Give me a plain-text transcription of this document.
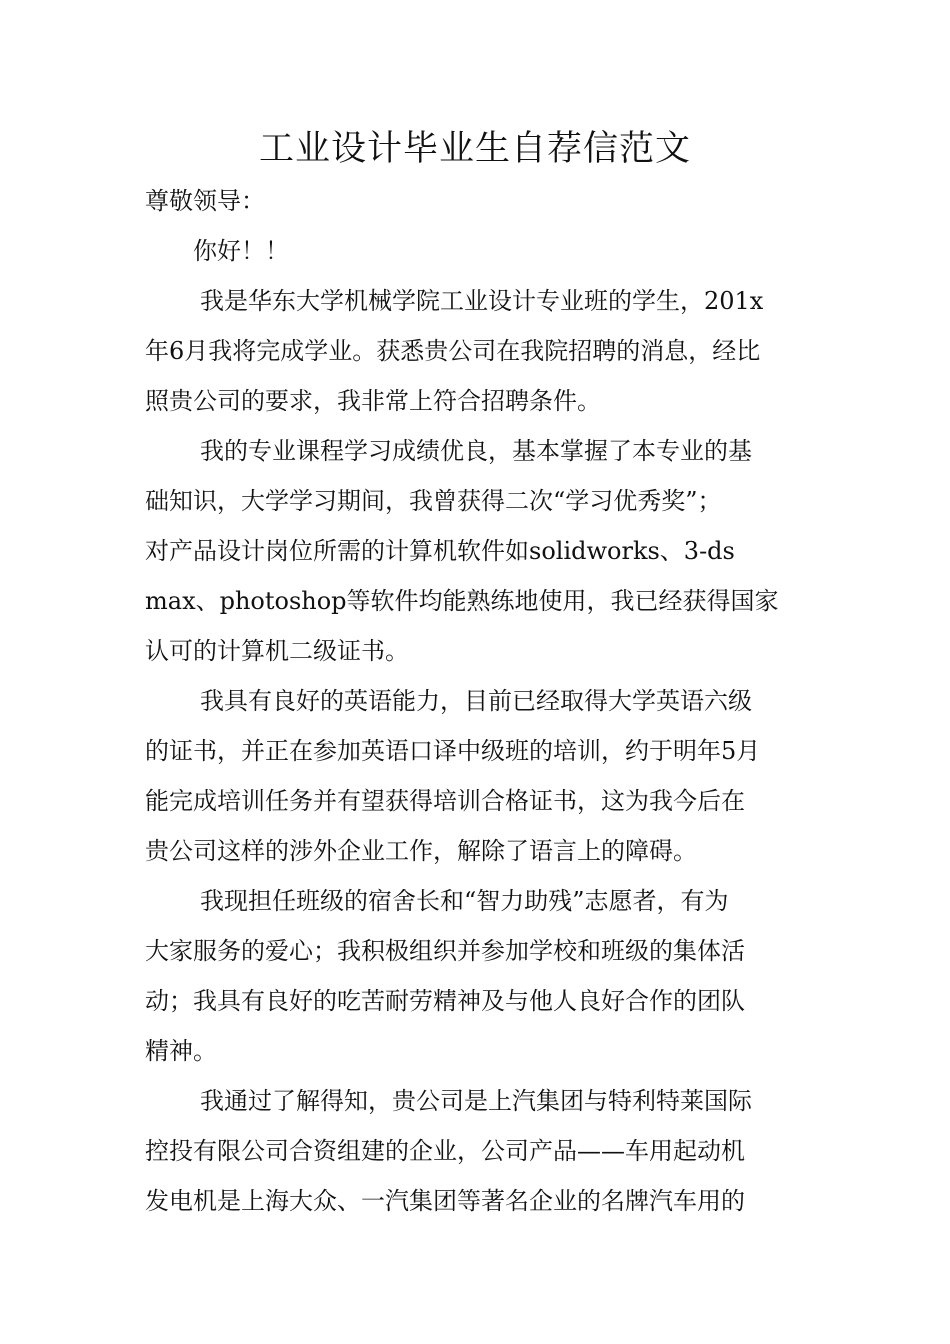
工业设计毕业生自荐信范文
尊敬领导：
你好！！
我是华东大学机械学院工业设计专业班的学生，201x
年6月我将完成学业。获悉贵公司在我院招聘的消息，经比
照贵公司的要求，我非常上符合招聘条件。
我的专业课程学习成绩优良，基本掌握了本专业的基
础知识，大学学习期间，我曾获得二次“学习优秀奖”；
对产品设计岗位所需的计算机软件如solidworks、3-ds
max、photoshop等软件均能熟练地使用，我已经获得国家
认可的计算机二级证书。
我具有良好的英语能力，目前已经取得大学英语六级
的证书，并正在参加英语口译中级班的培训，约于明年5月
能完成培训任务并有望获得培训合格证书，这为我今后在
贵公司这样的涉外企业工作，解除了语言上的障碍。
我现担任班级的宿舍长和“智力助残”志愿者，有为
大家服务的爱心；我积极组织并参加学校和班级的集体活
动；我具有良好的吃苦耐劳精神及与他人良好合作的团队
精神。
我通过了解得知，贵公司是上汽集团与特利特莱国际
控投有限公司合资组建的企业，公司产品——车用起动机
发电机是上海大众、一汽集团等著名企业的名牌汽车用的
